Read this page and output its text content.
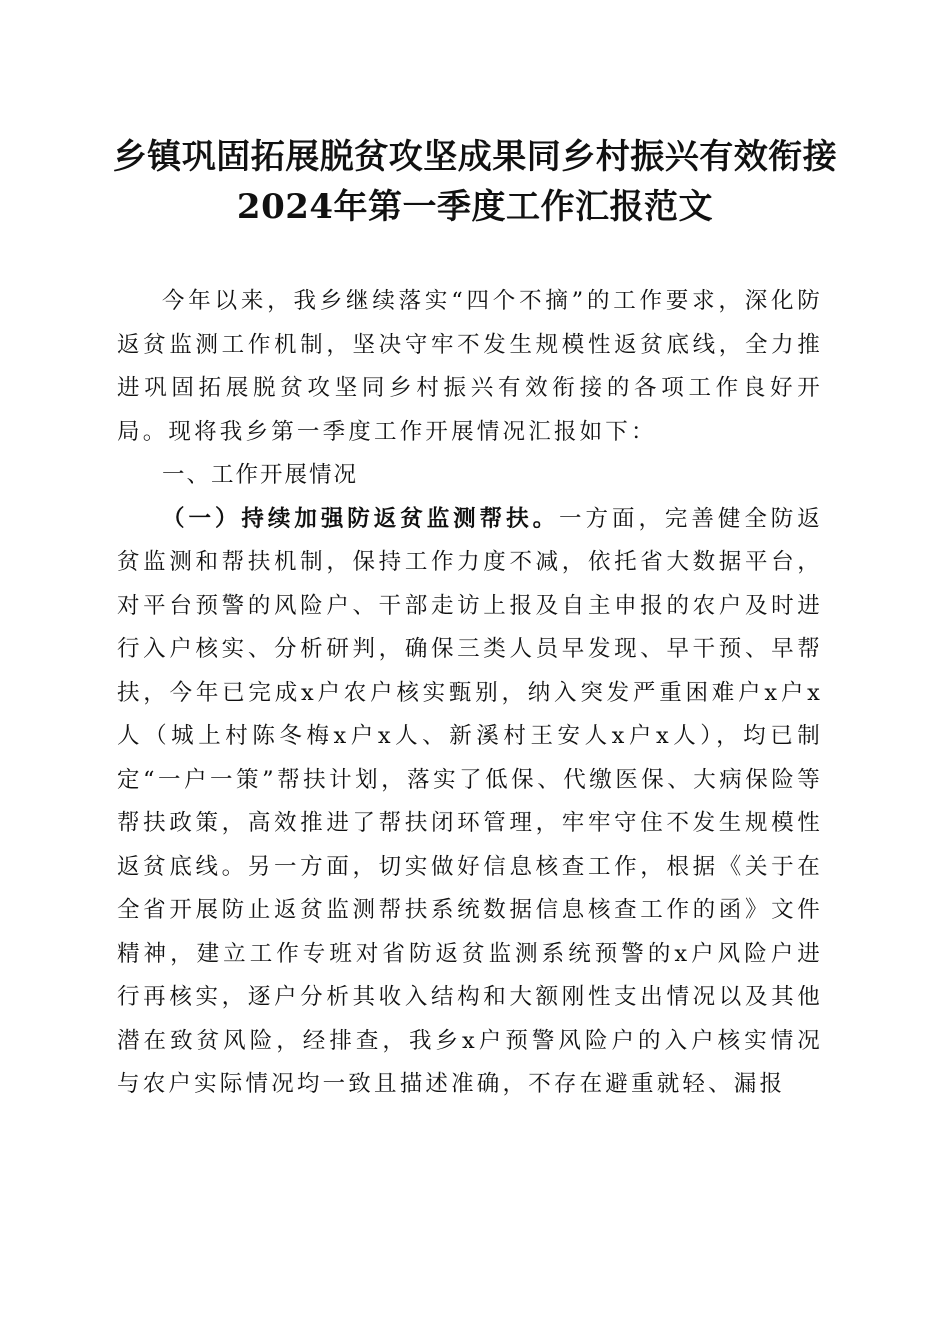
乡镇巩固拓展脱贫攻坚成果同乡村振兴有效衔接2024年第一季度工作汇报范文

今年以来，我乡继续落实“四个不摘”的工作要求，深化防返贫监测工作机制，坚决守牢不发生规模性返贫底线，全力推进巩固拓展脱贫攻坚同乡村振兴有效衔接的各项工作良好开局。现将我乡第一季度工作开展情况汇报如下：

一、工作开展情况

（一）持续加强防返贫监测帮扶。一方面，完善健全防返贫监测和帮扶机制，保持工作力度不减，依托省大数据平台，对平台预警的风险户、干部走访上报及自主申报的农户及时进行入户核实、分析研判，确保三类人员早发现、早干预、早帮扶，今年已完成x户农户核实甄别，纳入突发严重困难户x户x人（城上村陈冬梅x户x人、新溪村王安人x户x人），均已制定“一户一策”帮扶计划，落实了低保、代缴医保、大病保险等帮扶政策，高效推进了帮扶闭环管理，牢牢守住不发生规模性返贫底线。另一方面，切实做好信息核查工作，根据《关于在全省开展防止返贫监测帮扶系统数据信息核查工作的函》文件精神，建立工作专班对省防返贫监测系统预警的x户风险户进行再核实，逐户分析其收入结构和大额刚性支出情况以及其他潜在致贫风险，经排查，我乡x户预警风险户的入户核实情况与农户实际情况均一致且描述准确，不存在避重就轻、漏报
